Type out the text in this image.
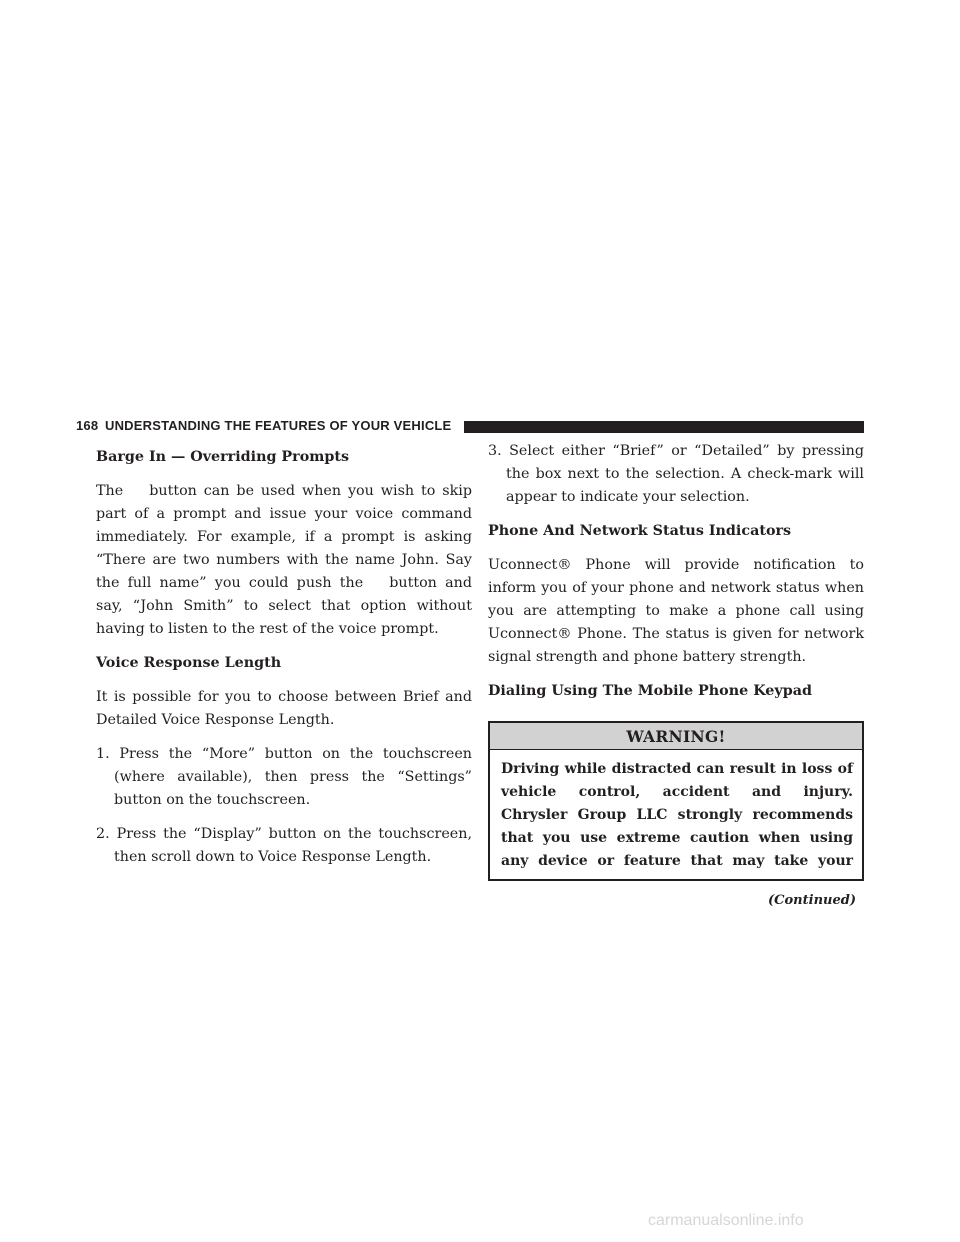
168 UNDERSTANDING THE FEATURES OF YOUR VEHICLE
Barge In — Overriding Prompts

The button can be used when you wish to skip part of a prompt and issue your voice command immediately. For example, if a prompt is asking “There are two numbers with the name John. Say the full name” you could push the button and say, “John Smith” to select that option without having to listen to the rest of the voice prompt.

Voice Response Length

It is possible for you to choose between Brief and Detailed Voice Response Length.

1. Press the “More” button on the touchscreen (where available), then press the “Settings” button on the touchscreen.

2. Press the “Display” button on the touchscreen, then scroll down to Voice Response Length.

3. Select either “Brief” or “Detailed” by pressing the box next to the selection. A check-mark will appear to indicate your selection.

Phone And Network Status Indicators

Uconnect® Phone will provide notification to inform you of your phone and network status when you are attempting to make a phone call using Uconnect® Phone. The status is given for network signal strength and phone battery strength.

Dialing Using The Mobile Phone Keypad
WARNING!
Driving while distracted can result in loss of vehicle control, accident and injury. Chrysler Group LLC strongly recommends that you use extreme caution when using any device or feature that may take your
(Continued)
carmanualsonline.info
